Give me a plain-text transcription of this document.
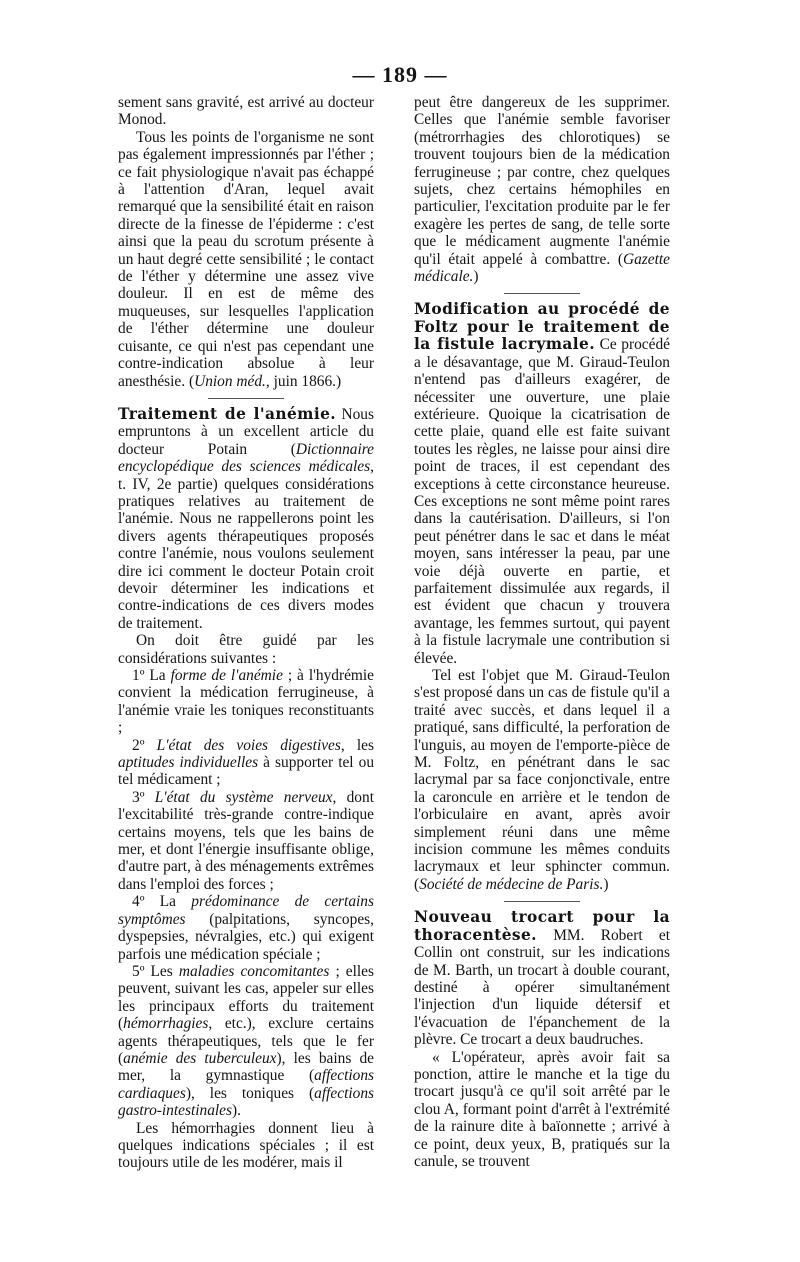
— 189 —

sement sans gravité, est arrivé au docteur Monod.

Tous les points de l'organisme ne sont pas également impressionnés par l'éther ; ce fait physiologique n'avait pas échappé à l'attention d'Aran, lequel avait remarqué que la sensibilité était en raison directe de la finesse de l'épiderme : c'est ainsi que la peau du scrotum présente à un haut degré cette sensibilité ; le contact de l'éther y détermine une assez vive douleur. Il en est de même des muqueuses, sur lesquelles l'application de l'éther détermine une douleur cuisante, ce qui n'est pas cependant une contre-indication absolue à leur anesthésie. (Union méd., juin 1866.)

Traitement de l'anémie. Nous empruntons à un excellent article du docteur Potain (Dictionnaire encyclopédique des sciences médicales, t. IV, 2e partie) quelques considérations pratiques relatives au traitement de l'anémie. Nous ne rappellerons point les divers agents thérapeutiques proposés contre l'anémie, nous voulons seulement dire ici comment le docteur Potain croit devoir déterminer les indications et contre-indications de ces divers modes de traitement.

On doit être guidé par les considérations suivantes :

1º La forme de l'anémie ; à l'hydrémie convient la médication ferrugineuse, à l'anémie vraie les toniques reconstituants ;

2º L'état des voies digestives, les aptitudes individuelles à supporter tel ou tel médicament ;

3º L'état du système nerveux, dont l'excitabilité très-grande contre-indique certains moyens, tels que les bains de mer, et dont l'énergie insuffisante oblige, d'autre part, à des ménagements extrêmes dans l'emploi des forces ;

4º La prédominance de certains symptômes (palpitations, syncopes, dyspepsies, névralgies, etc.) qui exigent parfois une médication spéciale ;

5º Les maladies concomitantes ; elles peuvent, suivant les cas, appeler sur elles les principaux efforts du traitement (hémorrhagies, etc.), exclure certains agents thérapeutiques, tels que le fer (anémie des tuberculeux), les bains de mer, la gymnastique (affections cardiaques), les toniques (affections gastro-intestinales).

Les hémorrhagies donnent lieu à quelques indications spéciales ; il est toujours utile de les modérer, mais il

peut être dangereux de les supprimer. Celles que l'anémie semble favoriser (métrorrhagies des chlorotiques) se trouvent toujours bien de la médication ferrugineuse ; par contre, chez quelques sujets, chez certains hémophiles en particulier, l'excitation produite par le fer exagère les pertes de sang, de telle sorte que le médicament augmente l'anémie qu'il était appelé à combattre. (Gazette médicale.)

Modification au procédé de Foltz pour le traitement de la fistule lacrymale. Ce procédé a le désavantage, que M. Giraud-Teulon n'entend pas d'ailleurs exagérer, de nécessiter une ouverture, une plaie extérieure. Quoique la cicatrisation de cette plaie, quand elle est faite suivant toutes les règles, ne laisse pour ainsi dire point de traces, il est cependant des exceptions à cette circonstance heureuse. Ces exceptions ne sont même point rares dans la cautérisation. D'ailleurs, si l'on peut pénétrer dans le sac et dans le méat moyen, sans intéresser la peau, par une voie déjà ouverte en partie, et parfaitement dissimulée aux regards, il est évident que chacun y trouvera avantage, les femmes surtout, qui payent à la fistule lacrymale une contribution si élevée.

Tel est l'objet que M. Giraud-Teulon s'est proposé dans un cas de fistule qu'il a traité avec succès, et dans lequel il a pratiqué, sans difficulté, la perforation de l'unguis, au moyen de l'emporte-pièce de M. Foltz, en pénétrant dans le sac lacrymal par sa face conjonctivale, entre la caroncule en arrière et le tendon de l'orbiculaire en avant, après avoir simplement réuni dans une même incision commune les mêmes conduits lacrymaux et leur sphincter commun. (Société de médecine de Paris.)

Nouveau trocart pour la thoracentèse. MM. Robert et Collin ont construit, sur les indications de M. Barth, un trocart à double courant, destiné à opérer simultanément l'injection d'un liquide détersif et l'évacuation de l'épanchement de la plèvre. Ce trocart a deux baudruches.

« L'opérateur, après avoir fait sa ponction, attire le manche et la tige du trocart jusqu'à ce qu'il soit arrêté par le clou A, formant point d'arrêt à l'extrémité de la rainure dite à baïonnette ; arrivé à ce point, deux yeux, B, pratiqués sur la canule, se trouvent
